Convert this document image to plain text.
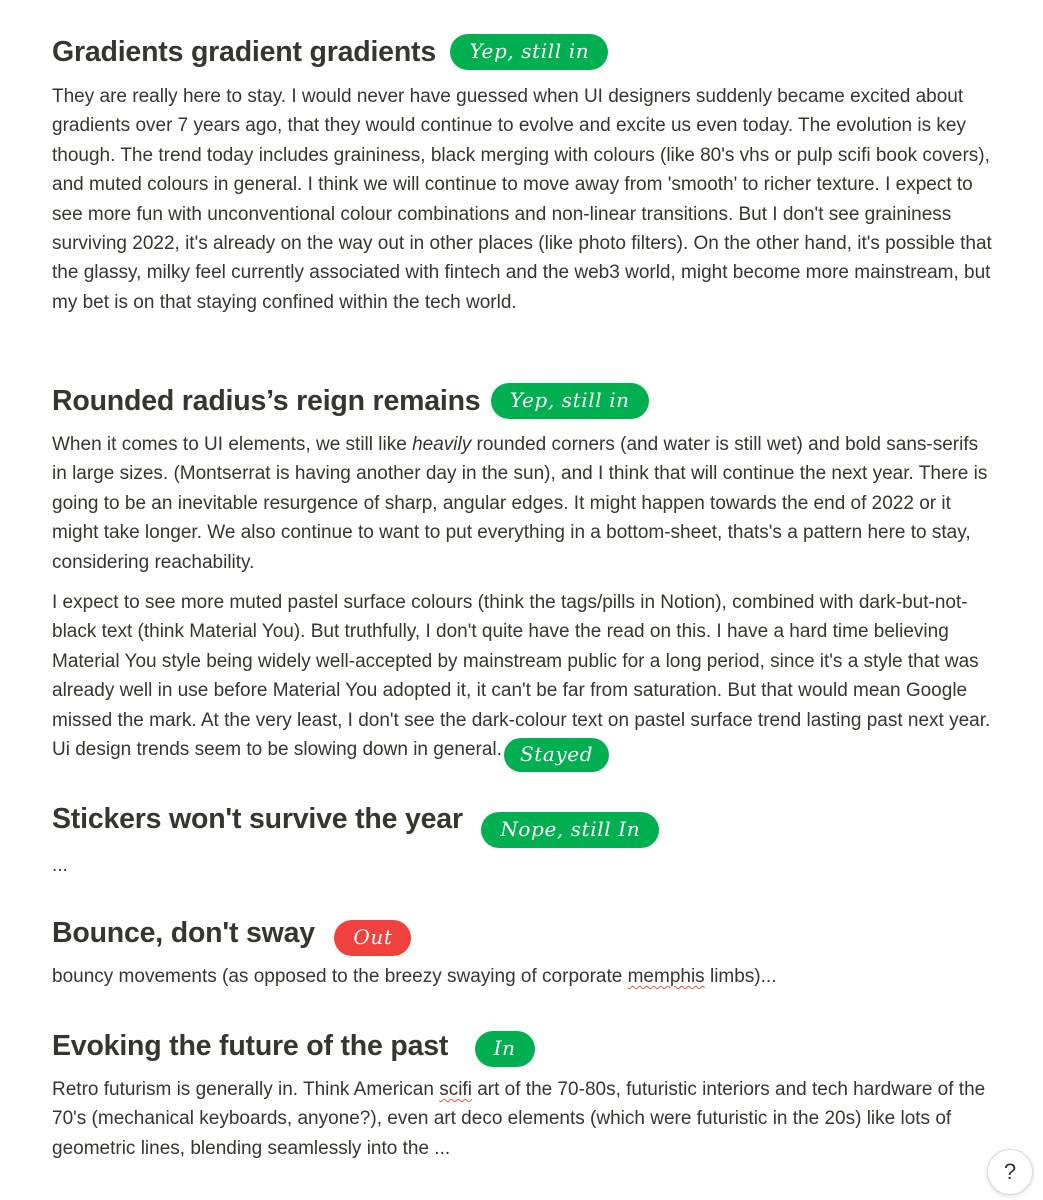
Gradients gradient gradients Yep, still in

They are really here to stay. I would never have guessed when UI designers suddenly became excited about gradients over 7 years ago, that they would continue to evolve and excite us even today. The evolution is key though. The trend today includes graininess, black merging with colours (like 80's vhs or pulp scifi book covers), and muted colours in general. I think we will continue to move away from 'smooth' to richer texture. I expect to see more fun with unconventional colour combinations and non-linear transitions. But I don't see graininess surviving 2022, it's already on the way out in other places (like photo filters). On the other hand, it's possible that the glassy, milky feel currently associated with fintech and the web3 world, might become more mainstream, but my bet is on that staying confined within the tech world.

Rounded radius’s reign remains Yep, still in

When it comes to UI elements, we still like heavily rounded corners (and water is still wet) and bold sans-serifs in large sizes. (Montserrat is having another day in the sun), and I think that will continue the next year. There is going to be an inevitable resurgence of sharp, angular edges. It might happen towards the end of 2022 or it might take longer. We also continue to want to put everything in a bottom-sheet, thats's a pattern here to stay, considering reachability.

I expect to see more muted pastel surface colours (think the tags/pills in Notion), combined with dark-but-not-black text (think Material You). But truthfully, I don't quite have the read on this. I have a hard time believing Material You style being widely well-accepted by mainstream public for a long period, since it's a style that was already well in use before Material You adopted it, it can't be far from saturation. But that would mean Google missed the mark. At the very least, I don't see the dark-colour text on pastel surface trend lasting past next year. Ui design trends seem to be slowing down in general. Stayed

Stickers won't survive the year Nope, still In

...

Bounce, don't sway Out

bouncy movements (as opposed to the breezy swaying of corporate memphis limbs)...

Evoking the future of the past In

Retro futurism is generally in. Think American scifi art of the 70-80s, futuristic interiors and tech hardware of the 70's (mechanical keyboards, anyone?), even art deco elements (which were futuristic in the 20s) like lots of geometric lines, blending seamlessly into the ...

?
